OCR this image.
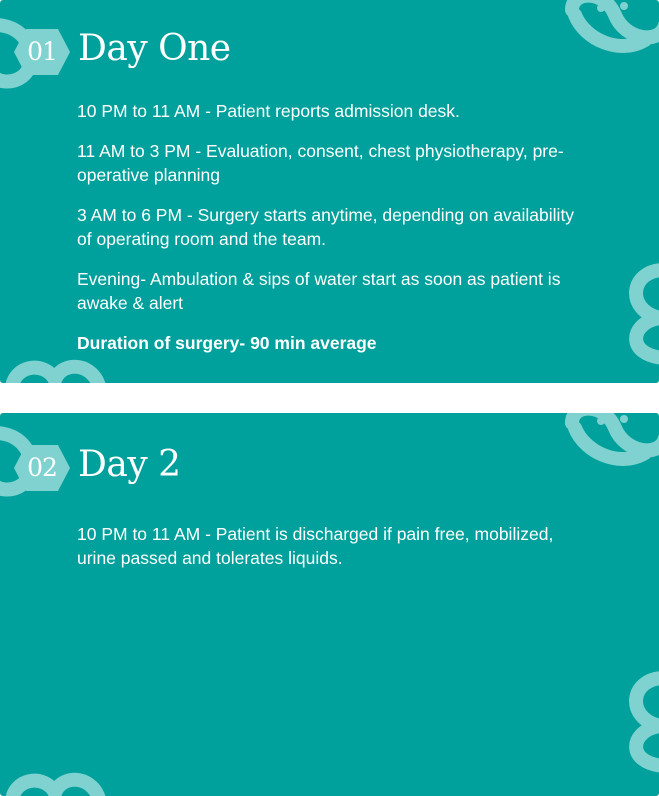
01 Day One

10 PM to 11 AM - Patient reports admission desk.

11 AM to 3 PM - Evaluation, consent, chest physiotherapy, pre-operative planning

3 AM to 6 PM - Surgery starts anytime, depending on availability of operating room and the team.

Evening- Ambulation & sips of water start as soon as patient is awake & alert

Duration of surgery- 90 min average

02 Day 2

10 PM to 11 AM - Patient is discharged if pain free, mobilized, urine passed and tolerates liquids.
